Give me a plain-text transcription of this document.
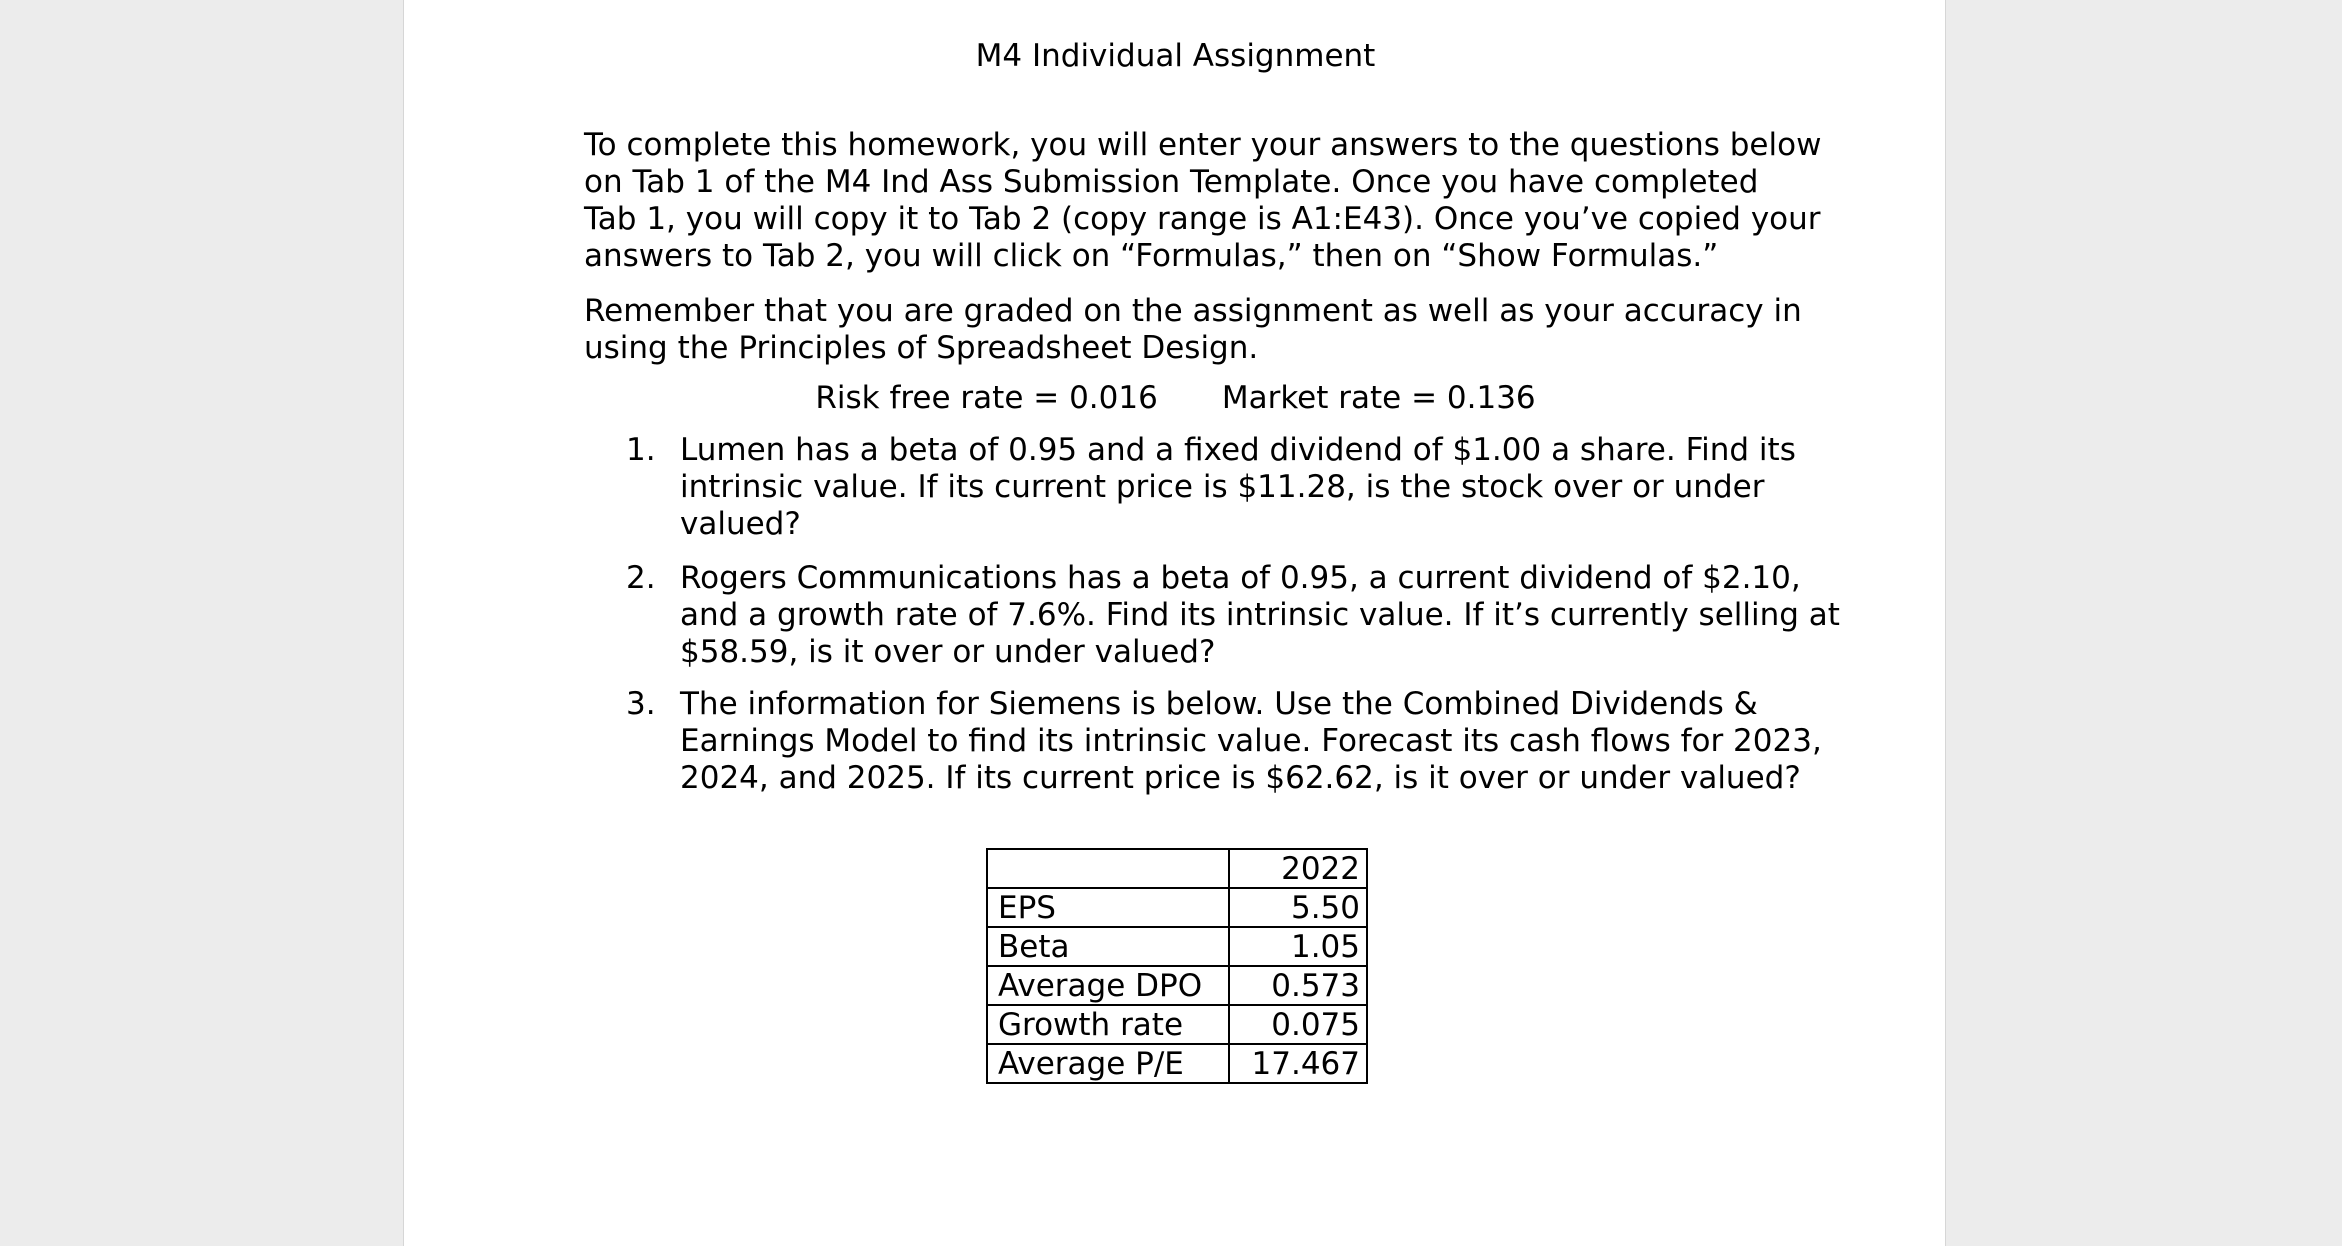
M4 Individual Assignment

To complete this homework, you will enter your answers to the questions below
on Tab 1 of the M4 Ind Ass Submission Template. Once you have completed
Tab 1, you will copy it to Tab 2 (copy range is A1:E43). Once you’ve copied your
answers to Tab 2, you will click on “Formulas,” then on “Show Formulas.”

Remember that you are graded on the assignment as well as your accuracy in
using the Principles of Spreadsheet Design.

Risk free rate = 0.016 Market rate = 0.136
1. Lumen has a beta of 0.95 and a fixed dividend of $1.00 a share. Find its
intrinsic value. If its current price is $11.28, is the stock over or under
valued?
2. Rogers Communications has a beta of 0.95, a current dividend of $2.10,
and a growth rate of 7.6%. Find its intrinsic value. If it’s currently selling at
$58.59, is it over or under valued?
3. The information for Siemens is below. Use the Combined Dividends &
Earnings Model to find its intrinsic value. Forecast its cash flows for 2023,
2024, and 2025. If its current price is $62.62, is it over or under valued?
	2022
EPS	5.50
Beta	1.05
Average DPO	0.573
Growth rate	0.075
Average P/E	17.467
